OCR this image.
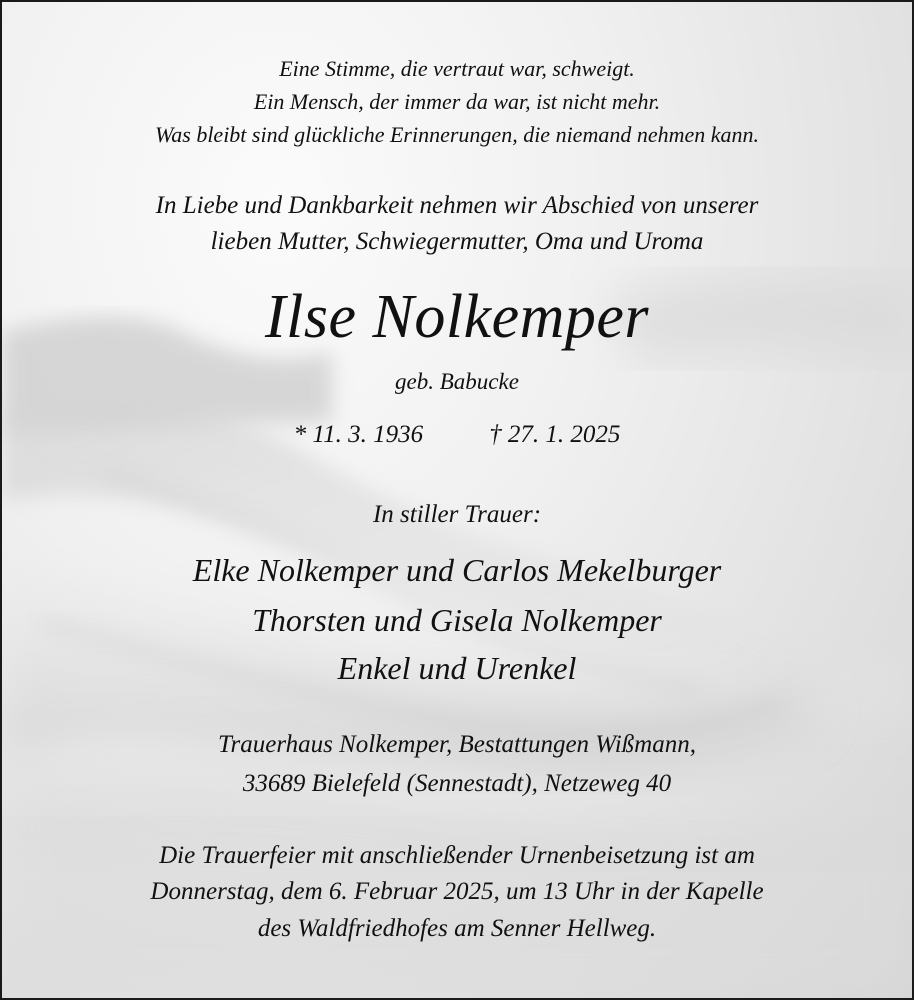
Eine Stimme, die vertraut war, schweigt.
Ein Mensch, der immer da war, ist nicht mehr.
Was bleibt sind glückliche Erinnerungen, die niemand nehmen kann.
In Liebe und Dankbarkeit nehmen wir Abschied von unserer
lieben Mutter, Schwiegermutter, Oma und Uroma
Ilse Nolkemper
geb. Babucke
* 11. 3. 1936	† 27. 1. 2025
In stiller Trauer:
Elke Nolkemper und Carlos Mekelburger
Thorsten und Gisela Nolkemper
Enkel und Urenkel
Trauerhaus Nolkemper, Bestattungen Wißmann,
33689 Bielefeld (Sennestadt), Netzeweg 40
Die Trauerfeier mit anschließender Urnenbeisetzung ist am
Donnerstag, dem 6. Februar 2025, um 13 Uhr in der Kapelle
des Waldfriedhofes am Senner Hellweg.
